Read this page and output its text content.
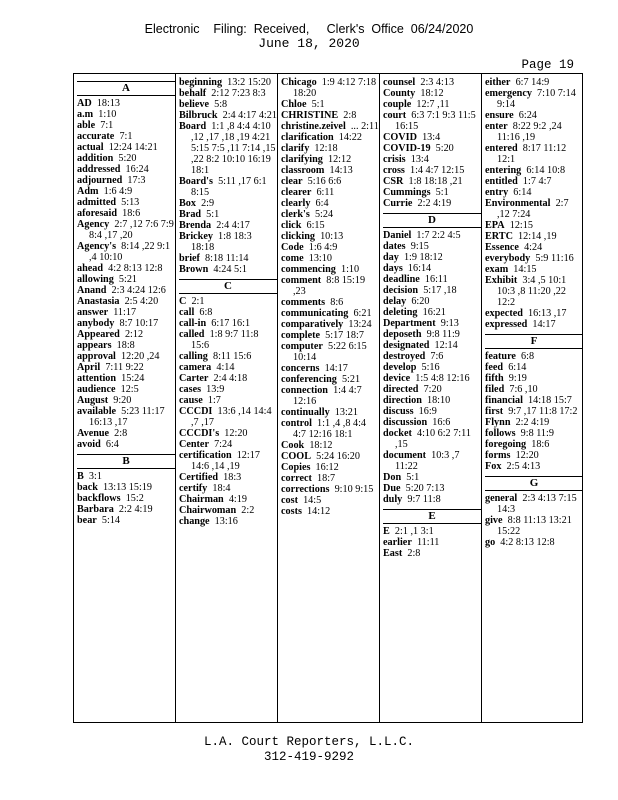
Electronic    Filing:  Received,     Clerk's  Office  06/24/2020
June 18, 2020
Page 19
A

AD  18:13

a.m  1:10

able  7:1

accurate  7:1

actual  12:24 14:21

addition  5:20

addressed  16:24

adjourned  17:3

Adm  1:6 4:9

admitted  5:13

aforesaid  18:6

Agency  2:7 ,12 7:6 7:9 8:4 ,17 ,20

Agency's  8:14 ,22 9:1 ,4 10:10

ahead  4:2 8:13 12:8

allowing  5:21

Anand  2:3 4:24 12:6

Anastasia  2:5 4:20

answer  11:17

anybody  8:7 10:17

Appeared  2:12

appears  18:8

approval  12:20 ,24

April  7:11 9:22

attention  15:24

audience  12:5

August  9:20

available  5:23 11:17 16:13 ,17

Avenue  2:8

avoid  6:4

B

B  3:1

back  13:13 15:19

backflows  15:2

Barbara  2:2 4:19

bear  5:14

beginning  13:2 15:20

behalf  2:12 7:23 8:3

believe  5:8

Bilbruck  2:4 4:17 4:21

Board  1:1 ,8 4:4 4:10 ,12 ,17 ,18 ,19 4:21 5:15 7:5 ,11 7:14 ,15 ,22 8:2 10:10 16:19 18:1

Board's  5:11 ,17 6:1 8:15

Box  2:9

Brad  5:1

Brenda  2:4 4:17

Brickey  1:8 18:3 18:18

brief  8:18 11:14

Brown  4:24 5:1

C

C  2:1

call  6:8

call-in  6:17 16:1

called  1:8 9:7 11:8 15:6

calling  8:11 15:6

camera  4:14

Carter  2:4 4:18

cases  13:9

cause  1:7

CCCDI  13:6 ,14 14:4 ,7 ,17

CCCDI's  12:20

Center  7:24

certification  12:17 14:6 ,14 ,19

Certified  18:3

certify  18:4

Chairman  4:19

Chairwoman  2:2

change  13:16

Chicago  1:9 4:12 7:18 18:20

Chloe  5:1

CHRISTINE  2:8

christine.zeivel  ... 2:11

clarification  14:22

clarify  12:18

clarifying  12:12

classroom  14:13

clear  5:16 6:6

clearer  6:11

clearly  6:4

clerk's  5:24

click  6:15

clicking  10:13

Code  1:6 4:9

come  13:10

commencing  1:10

comment  8:8 15:19 ,23

comments  8:6

communicating  6:21

comparatively  13:24

complete  5:17 18:7

computer  5:22 6:15 10:14

concerns  14:17

conferencing  5:21

connection  1:4 4:7 12:16

continually  13:21

control  1:1 ,4 ,8 4:4 4:7 12:16 18:1

Cook  18:12

COOL  5:24 16:20

Copies  16:12

correct  18:7

corrections  9:10 9:15

cost  14:5

costs  14:12

counsel  2:3 4:13

County  18:12

couple  12:7 ,11

court  6:3 7:1 9:3 11:5 16:15

COVID  13:4

COVID-19  5:20

crisis  13:4

cross  1:4 4:7 12:15

CSR  1:8 18:18 ,21

Cummings  5:1

Currie  2:2 4:19

D

Daniel  1:7 2:2 4:5

dates  9:15

day  1:9 18:12

days  16:14

deadline  16:11

decision  5:17 ,18

delay  6:20

deleting  16:21

Department  9:13

deposeth  9:8 11:9

designated  12:14

destroyed  7:6

develop  5:16

device  1:5 4:8 12:16

directed  7:20

direction  18:10

discuss  16:9

discussion  16:6

docket  4:10 6:2 7:11 ,15

document  10:3 ,7 11:22

Don  5:1

Due  5:20 7:13

duly  9:7 11:8

E

E  2:1 ,1 3:1

earlier  11:11

East  2:8

either  6:7 14:9

emergency  7:10 7:14 9:14

ensure  6:24

enter  8:22 9:2 ,24 11:16 ,19

entered  8:17 11:12 12:1

entering  6:14 10:8

entitled  1:7 4:7

entry  6:14

Environmental  2:7 ,12 7:24

EPA  12:15

ERTC  12:14 ,19

Essence  4:24

everybody  5:9 11:16

exam  14:15

Exhibit  3:4 ,5 10:1 10:3 ,8 11:20 ,22 12:2

expected  16:13 ,17

expressed  14:17

F

feature  6:8

feed  6:14

fifth  9:19

filed  7:6 ,10

financial  14:18 15:7

first  9:7 ,17 11:8 17:2

Flynn  2:2 4:19

follows  9:8 11:9

foregoing  18:6

forms  12:20

Fox  2:5 4:13

G

general  2:3 4:13 7:15 14:3

give  8:8 11:13 13:21 15:22

go  4:2 8:13 12:8

L.A. Court Reporters, L.L.C.
312-419-9292
